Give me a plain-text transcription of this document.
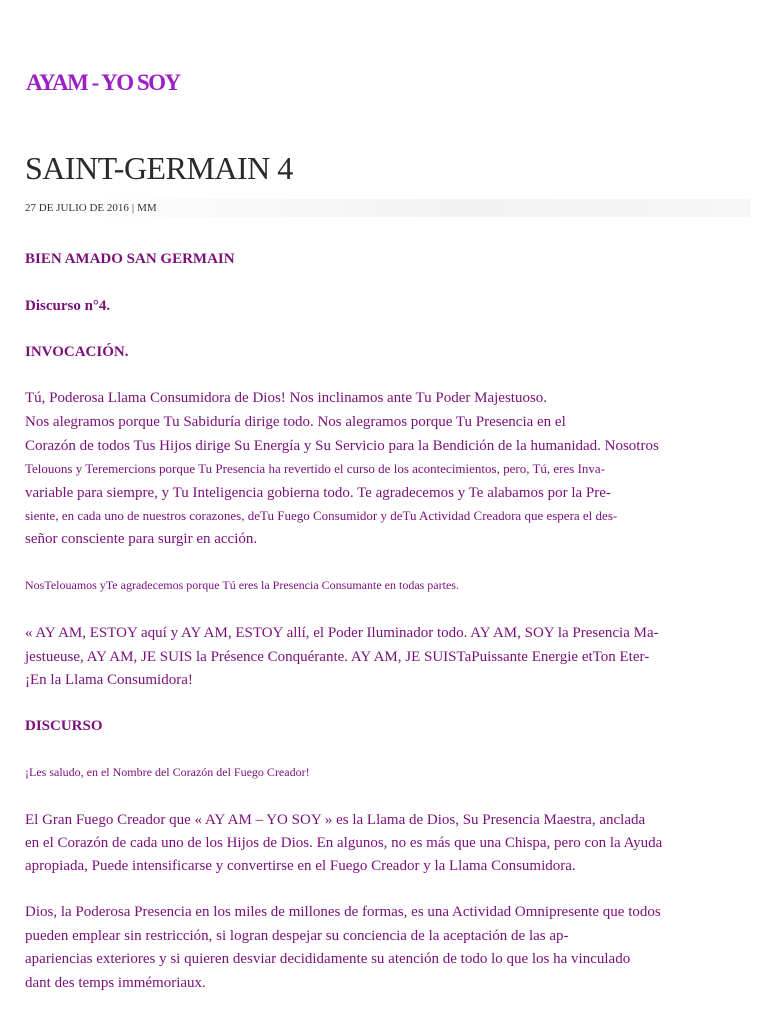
AYAM - YO SOY
SAINT-GERMAIN 4
27 DE JULIO DE 2016 | MM
BIEN AMADO SAN GERMAIN
Discurso n°4.
INVOCACIÓN.
Tú, Poderosa Llama Consumidora de Dios! Nos inclinamos ante Tu Poder Majestuoso.
Nos alegramos porque Tu Sabiduría dirige todo. Nos alegramos porque Tu Presencia en el
Corazón de todos Tus Hijos dirige Su Energía y Su Servicio para la Bendición de la humanidad. Nosotros
Telouons y Teremercions porque Tu Presencia ha revertido el curso de los acontecimientos, pero, Tú, eres Inva-
variable para siempre, y Tu Inteligencia gobierna todo. Te agradecemos y Te alabamos por la Pre-
siente, en cada uno de nuestros corazones, deTu Fuego Consumidor y deTu Actividad Creadora que espera el des-
señor consciente para surgir en acción.
NosTelouamos yTe agradecemos porque Tú eres la Presencia Consumante en todas partes.
« AY AM, ESTOY aquí y AY AM, ESTOY allí, el Poder Iluminador todo. AY AM, SOY la Presencia Ma-
jestueuse, AY AM, JE SUIS la Présence Conquérante. AY AM, JE SUISTaPuissante Energie etTon Eter-
¡En la Llama Consumidora!
DISCURSO
¡Les saludo, en el Nombre del Corazón del Fuego Creador!
El Gran Fuego Creador que « AY AM – YO SOY » es la Llama de Dios, Su Presencia Maestra, anclada
en el Corazón de cada uno de los Hijos de Dios. En algunos, no es más que una Chispa, pero con la Ayuda
apropiada, Puede intensificarse y convertirse en el Fuego Creador y la Llama Consumidora.
Dios, la Poderosa Presencia en los miles de millones de formas, es una Actividad Omnipresente que todos
pueden emplear sin restricción, si logran despejar su conciencia de la aceptación de las ap-
apariencias exteriores y si quieren desviar decididamente su atención de todo lo que los ha vinculado
dant des temps immémoriaux.
